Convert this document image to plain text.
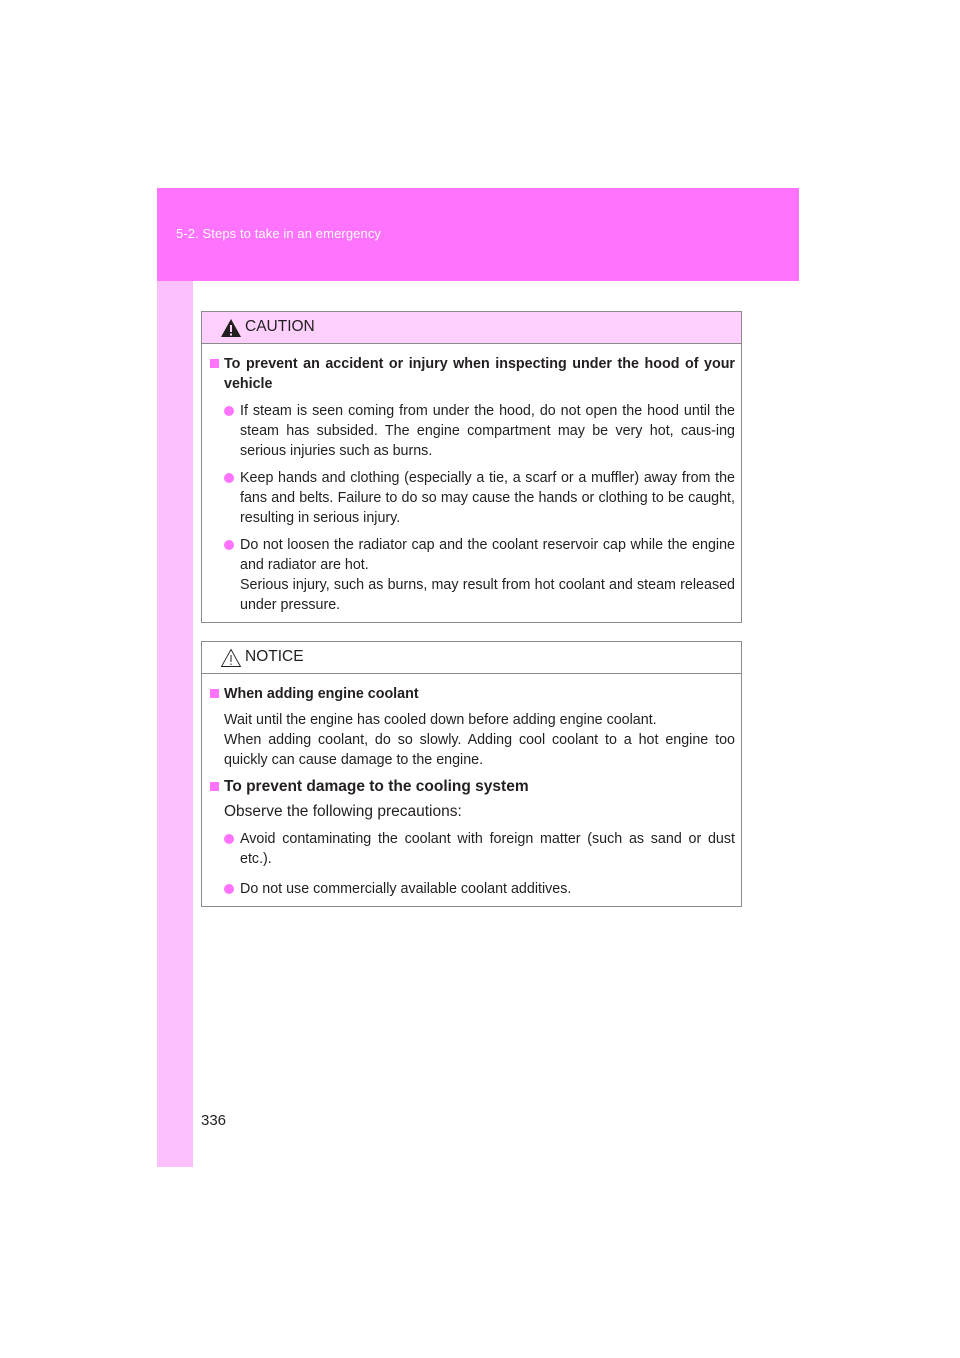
5-2. Steps to take in an emergency
CAUTION
To prevent an accident or injury when inspecting under the hood of your vehicle
If steam is seen coming from under the hood, do not open the hood until the steam has subsided. The engine compartment may be very hot, caus-ing serious injuries such as burns.
Keep hands and clothing (especially a tie, a scarf or a muffler) away from the fans and belts. Failure to do so may cause the hands or clothing to be caught, resulting in serious injury.
Do not loosen the radiator cap and the coolant reservoir cap while the engine and radiator are hot.
Serious injury, such as burns, may result from hot coolant and steam released under pressure.
NOTICE
When adding engine coolant
Wait until the engine has cooled down before adding engine coolant.
When adding coolant, do so slowly. Adding cool coolant to a hot engine too quickly can cause damage to the engine.
To prevent damage to the cooling system
Observe the following precautions:
Avoid contaminating the coolant with foreign matter (such as sand or dust etc.).
Do not use commercially available coolant additives.
336
